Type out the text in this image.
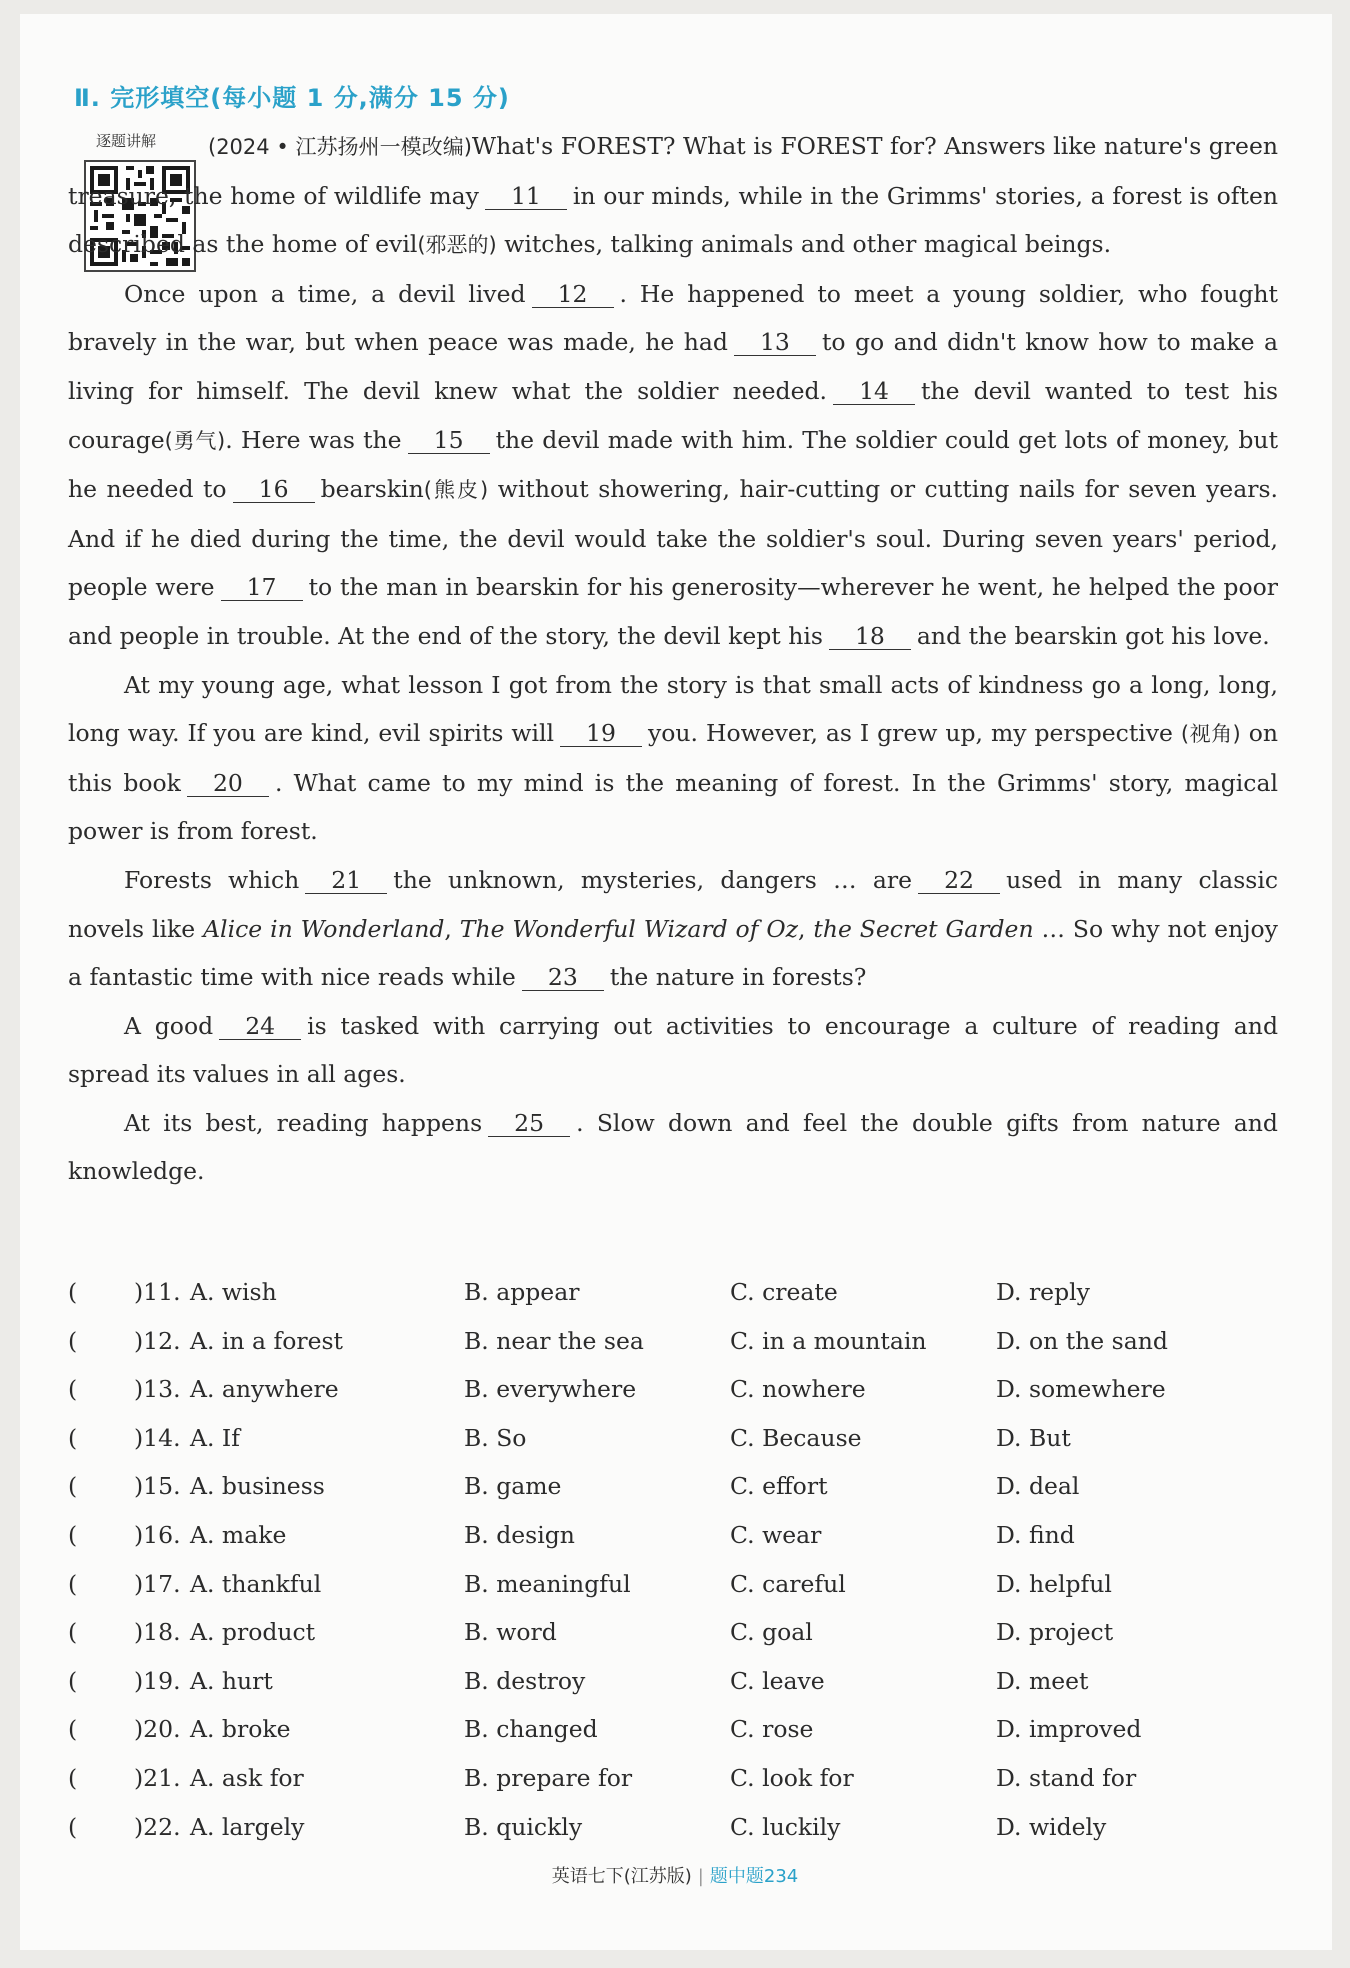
Ⅱ. 完形填空(每小题 1 分,满分 15 分)
逐题讲解	(2024 • 江苏扬州一模改编)What's FOREST? What is FOREST for? Answers like nature's green treasure, the home of wildlife may 11 in our minds, while in the Grimms' stories, a forest is often described as the home of evil(邪恶的) witches, talking animals and other magical beings.

Once upon a time, a devil lived 12 . He happened to meet a young soldier, who fought bravely in the war, but when peace was made, he had 13 to go and didn't know how to make a living for himself. The devil knew what the soldier needed. 14 the devil wanted to test his courage(勇气). Here was the 15 the devil made with him. The soldier could get lots of money, but he needed to 16 bearskin(熊皮) without showering, hair-cutting or cutting nails for seven years. And if he died during the time, the devil would take the soldier's soul. During seven years' period, people were 17 to the man in bearskin for his generosity—wherever he went, he helped the poor and people in trouble. At the end of the story, the devil kept his 18 and the bearskin got his love.

At my young age, what lesson I got from the story is that small acts of kindness go a long, long, long way. If you are kind, evil spirits will 19 you. However, as I grew up, my perspective (视角) on this book 20 . What came to my mind is the meaning of forest. In the Grimms' story, magical power is from forest.

Forests which 21 the unknown, mysteries, dangers … are 22 used in many classic novels like Alice in Wonderland, The Wonderful Wizard of Oz, the Secret Garden … So why not enjoy a fantastic time with nice reads while 23 the nature in forests?

A good 24 is tasked with carrying out activities to encourage a culture of reading and spread its values in all ages.

At its best, reading happens 25 . Slow down and feel the double gifts from nature and knowledge.

( )11. A. wish	B. appear	C. create	D. reply
( )12. A. in a forest	B. near the sea	C. in a mountain	D. on the sand
( )13. A. anywhere	B. everywhere	C. nowhere	D. somewhere
( )14. A. If	B. So	C. Because	D. But
( )15. A. business	B. game	C. effort	D. deal
( )16. A. make	B. design	C. wear	D. find
( )17. A. thankful	B. meaningful	C. careful	D. helpful
( )18. A. product	B. word	C. goal	D. project
( )19. A. hurt	B. destroy	C. leave	D. meet
( )20. A. broke	B. changed	C. rose	D. improved
( )21. A. ask for	B. prepare for	C. look for	D. stand for
( )22. A. largely	B. quickly	C. luckily	D. widely
英语七下(江苏版) | 题中题234
